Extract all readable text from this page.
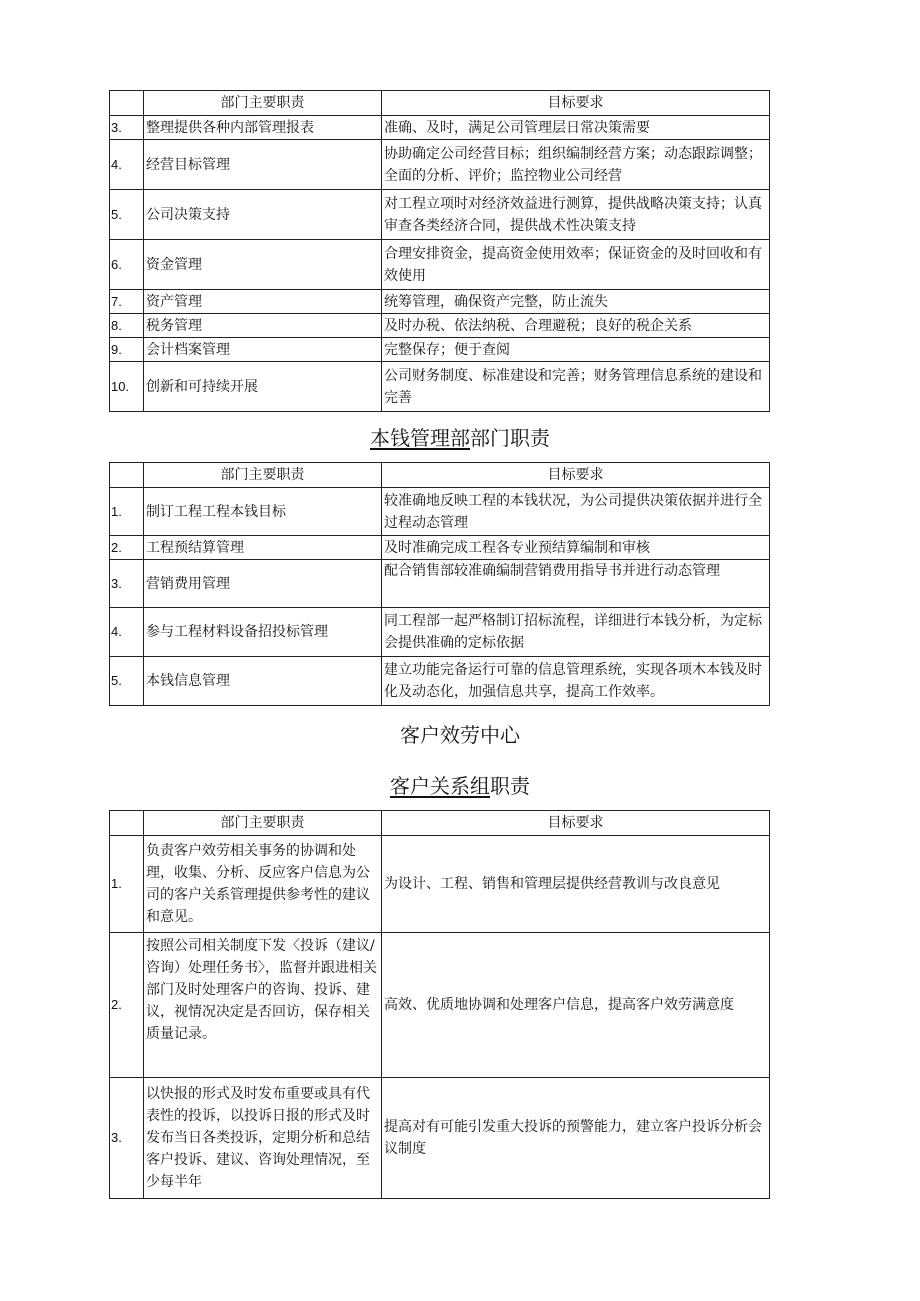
	部门主要职责	目标要求
3.	整理提供各种内部管理报表	准确、及时，满足公司管理层日常决策需要
4.	经营目标管理	协助确定公司经营目标；组织编制经营方案；动态跟踪调整；全面的分析、评价；监控物业公司经营
5.	公司决策支持	对工程立项时对经济效益进行测算，提供战略决策支持；认真审查各类经济合同，提供战术性决策支持
6.	资金管理	合理安排资金，提高资金使用效率；保证资金的及时回收和有效使用
7.	资产管理	统筹管理，确保资产完整，防止流失
8.	税务管理	及时办税、依法纳税、合理避税；良好的税企关系
9.	会计档案管理	完整保存；便于查阅
10.	创新和可持续开展	公司财务制度、标准建设和完善；财务管理信息系统的建设和完善
本钱管理部部门职责
	部门主要职责	目标要求
1.	制订工程工程本钱目标	较准确地反映工程的本钱状况，为公司提供决策依据并进行全过程动态管理
2.	工程预结算管理	及时准确完成工程各专业预结算编制和审核
3.	营销费用管理	配合销售部较准确编制营销费用指导书并进行动态管理
4.	参与工程材料设备招投标管理	同工程部一起严格制订招标流程，详细进行本钱分析，为定标会提供准确的定标依据
5.	本钱信息管理	建立功能完备运行可靠的信息管理系统，实现各项木本钱及时化及动态化，加强信息共享，提高工作效率。
客户效劳中心
客户关系组职责
	部门主要职责	目标要求
1.	负责客户效劳相关事务的协调和处理，收集、分析、反应客户信息为公司的客户关系管理提供参考性的建议和意见。	为设计、工程、销售和管理层提供经营教训与改良意见
2.	按照公司相关制度下发〈投诉（建议/咨询）处理任务书〉，监督并跟进相关部门及时处理客户的咨询、投诉、建议，视情况决定是否回访，保存相关质量记录。	高效、优质地协调和处理客户信息，提高客户效劳满意度
3.	以快报的形式及时发布重要或具有代表性的投诉，以投诉日报的形式及时发布当日各类投诉，定期分析和总结客户投诉、建议、咨询处理情况，至少每半年	提高对有可能引发重大投诉的预警能力，建立客户投诉分析会议制度
